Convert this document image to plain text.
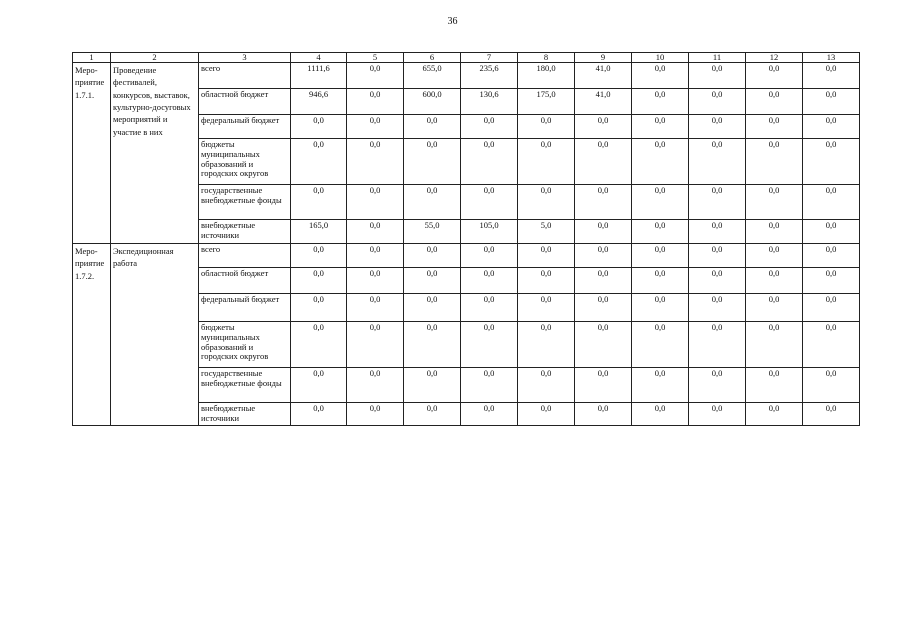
36
1	2	3	4	5	6	7	8	9	10	11	12	13
Меро-
приятие
1.7.1.	Проведение фестивалей, конкурсов, выставок, культурно-досуговых мероприятий и участие в них	всего	1111,6	0,0	655,0	235,6	180,0	41,0	0,0	0,0	0,0	0,0
		областной бюджет	946,6	0,0	600,0	130,6	175,0	41,0	0,0	0,0	0,0	0,0
		федеральный бюджет	0,0	0,0	0,0	0,0	0,0	0,0	0,0	0,0	0,0	0,0
		бюджеты муниципальных образований и городских округов	0,0	0,0	0,0	0,0	0,0	0,0	0,0	0,0	0,0	0,0
		государственные внебюджетные фонды	0,0	0,0	0,0	0,0	0,0	0,0	0,0	0,0	0,0	0,0
		внебюджетные источники	165,0	0,0	55,0	105,0	5,0	0,0	0,0	0,0	0,0	0,0
Меро-
приятие
1.7.2.	Экспедиционная работа	всего	0,0	0,0	0,0	0,0	0,0	0,0	0,0	0,0	0,0	0,0
		областной бюджет	0,0	0,0	0,0	0,0	0,0	0,0	0,0	0,0	0,0	0,0
		федеральный бюджет	0,0	0,0	0,0	0,0	0,0	0,0	0,0	0,0	0,0	0,0
		бюджеты муниципальных образований и городских округов	0,0	0,0	0,0	0,0	0,0	0,0	0,0	0,0	0,0	0,0
		государственные внебюджетные фонды	0,0	0,0	0,0	0,0	0,0	0,0	0,0	0,0	0,0	0,0
		внебюджетные источники	0,0	0,0	0,0	0,0	0,0	0,0	0,0	0,0	0,0	0,0
